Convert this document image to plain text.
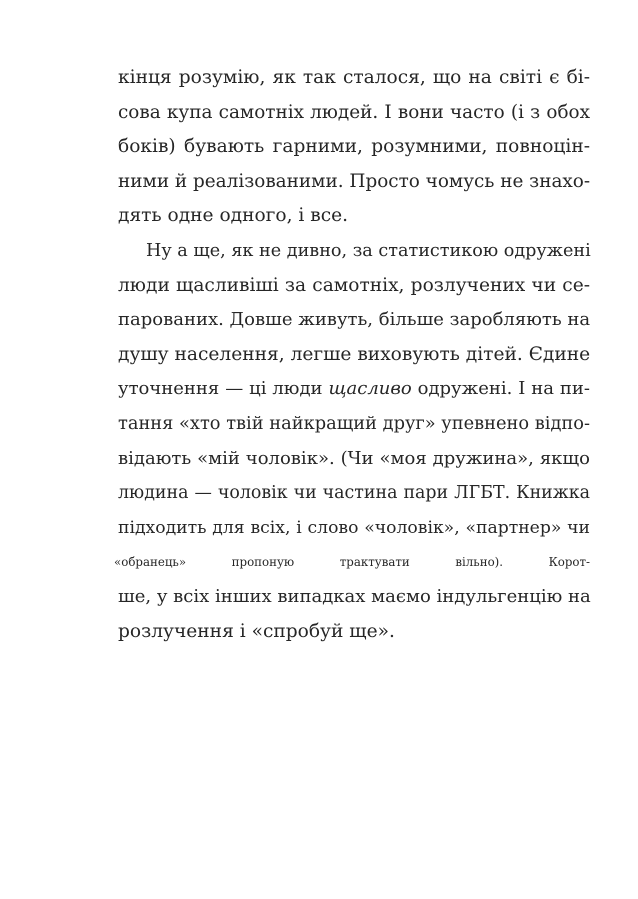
кінця розумію, як так сталося, що на світі є бі-
сова купа самотніх людей. І вони часто (і з обох
боків) бувають гарними, розумними, повноцін-
ними й реалізованими. Просто чомусь не знахо-
дять одне одного, і все.
Ну а ще, як не дивно, за статистикою одружені
люди щасливіші за самотніх, розлучених чи се-
парованих. Довше живуть, більше заробляють на
душу населення, легше виховують дітей. Єдине
уточнення — ці люди щасливо одружені. І на пи-
тання «хто твій найкращий друг» упевнено відпо-
відають «мій чоловік». (Чи «моя дружина», якщо
людина — чоловік чи частина пари ЛГБТ. Книжка
підходить для всіх, і слово «чоловік», «партнер» чи
«обранець» пропоную трактувати вільно). Корот-
ше, у всіх інших випадках маємо індульгенцію на
розлучення і «спробуй ще».
